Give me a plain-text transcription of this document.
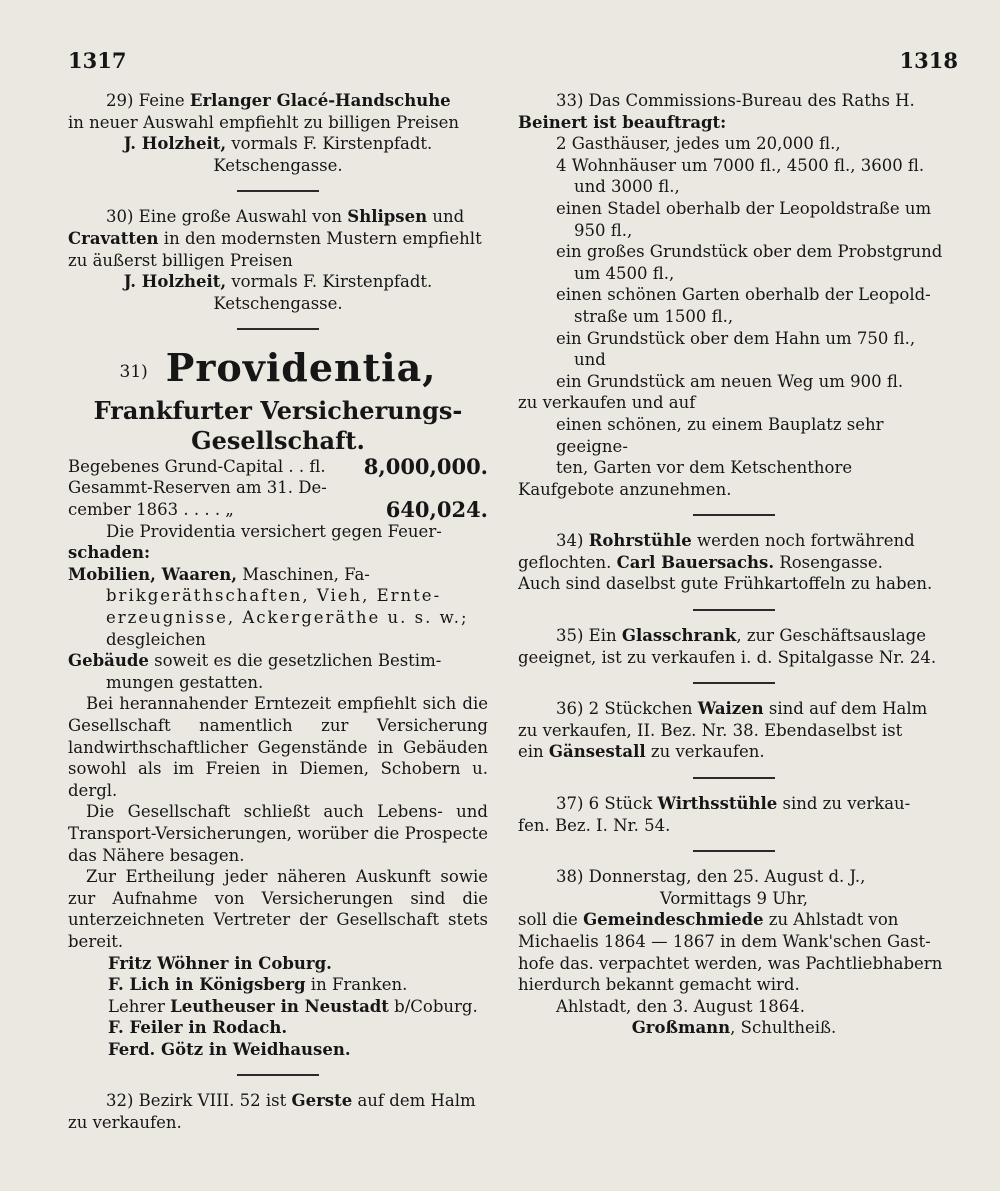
1317	1318

29) Feine Erlanger Glacé-Handschuhe

in neuer Auswahl empfiehlt zu billigen Preisen

J. Holzheit, vormals F. Kirstenpfadt.

Ketschengasse.

30) Eine große Auswahl von Shlipsen und

Cravatten in den modernsten Mustern empfiehlt

zu äußerst billigen Preisen

J. Holzheit, vormals F. Kirstenpfadt.

Ketschengasse.

31) Providentia,
Frankfurter Versicherungs-
Gesellschaft.
Begebenes Grund-Capital . . fl. 8,000,000.

Gesammt-Reserven am 31. De-

cember 1863 . . . . „	640,024.

Die Providentia versichert gegen Feuer-

schaden:

Mobilien, Waaren, Maschinen, Fa-

brikgeräthschaften, Vieh, Ernte-

erzeugnisse, Ackergeräthe u. s. w.;

desgleichen

Gebäude soweit es die gesetzlichen Bestim-

mungen gestatten.

Bei herannahender Erntezeit empfiehlt sich die Gesellschaft namentlich zur Versicherung landwirthschaftlicher Gegenstände in Gebäuden sowohl als im Freien in Diemen, Schobern u. dergl.

Die Gesellschaft schließt auch Lebens- und Transport-Versicherungen, worüber die Prospecte das Nähere besagen.

Zur Ertheilung jeder näheren Auskunft sowie zur Aufnahme von Versicherungen sind die unterzeichneten Vertreter der Gesellschaft stets bereit.

Fritz Wöhner in Coburg.

F. Lich in Königsberg in Franken.

Lehrer Leutheuser in Neustadt b/Coburg.

F. Feiler in Rodach.

Ferd. Götz in Weidhausen.

32) Bezirk VIII. 52 ist Gerste auf dem Halm

zu verkaufen.

33) Das Commissions-Bureau des Raths H.

Beinert ist beauftragt:

2 Gasthäuser, jedes um 20,000 fl.,

4 Wohnhäuser um 7000 fl., 4500 fl., 3600 fl.

und 3000 fl.,

einen Stadel oberhalb der Leopoldstraße um

950 fl.,

ein großes Grundstück ober dem Probstgrund

um 4500 fl.,

einen schönen Garten oberhalb der Leopold-

straße um 1500 fl.,

ein Grundstück ober dem Hahn um 750 fl.,

und

ein Grundstück am neuen Weg um 900 fl.

zu verkaufen und auf

einen schönen, zu einem Bauplatz sehr geeigne-

ten, Garten vor dem Ketschenthore

Kaufgebote anzunehmen.

34) Rohrstühle werden noch fortwährend

geflochten. Carl Bauersachs. Rosengasse.

Auch sind daselbst gute Frühkartoffeln zu haben.

35) Ein Glasschrank, zur Geschäftsauslage

geeignet, ist zu verkaufen i. d. Spitalgasse Nr. 24.

36) 2 Stückchen Waizen sind auf dem Halm

zu verkaufen, II. Bez. Nr. 38. Ebendaselbst ist

ein Gänsestall zu verkaufen.

37) 6 Stück Wirthsstühle sind zu verkau-

fen. Bez. I. Nr. 54.

38) Donnerstag, den 25. August d. J.,

Vormittags 9 Uhr,

soll die Gemeindeschmiede zu Ahlstadt von

Michaelis 1864 — 1867 in dem Wank'schen Gast-

hofe das. verpachtet werden, was Pachtliebhabern

hierdurch bekannt gemacht wird.

Ahlstadt, den 3. August 1864.

Großmann, Schultheiß.
